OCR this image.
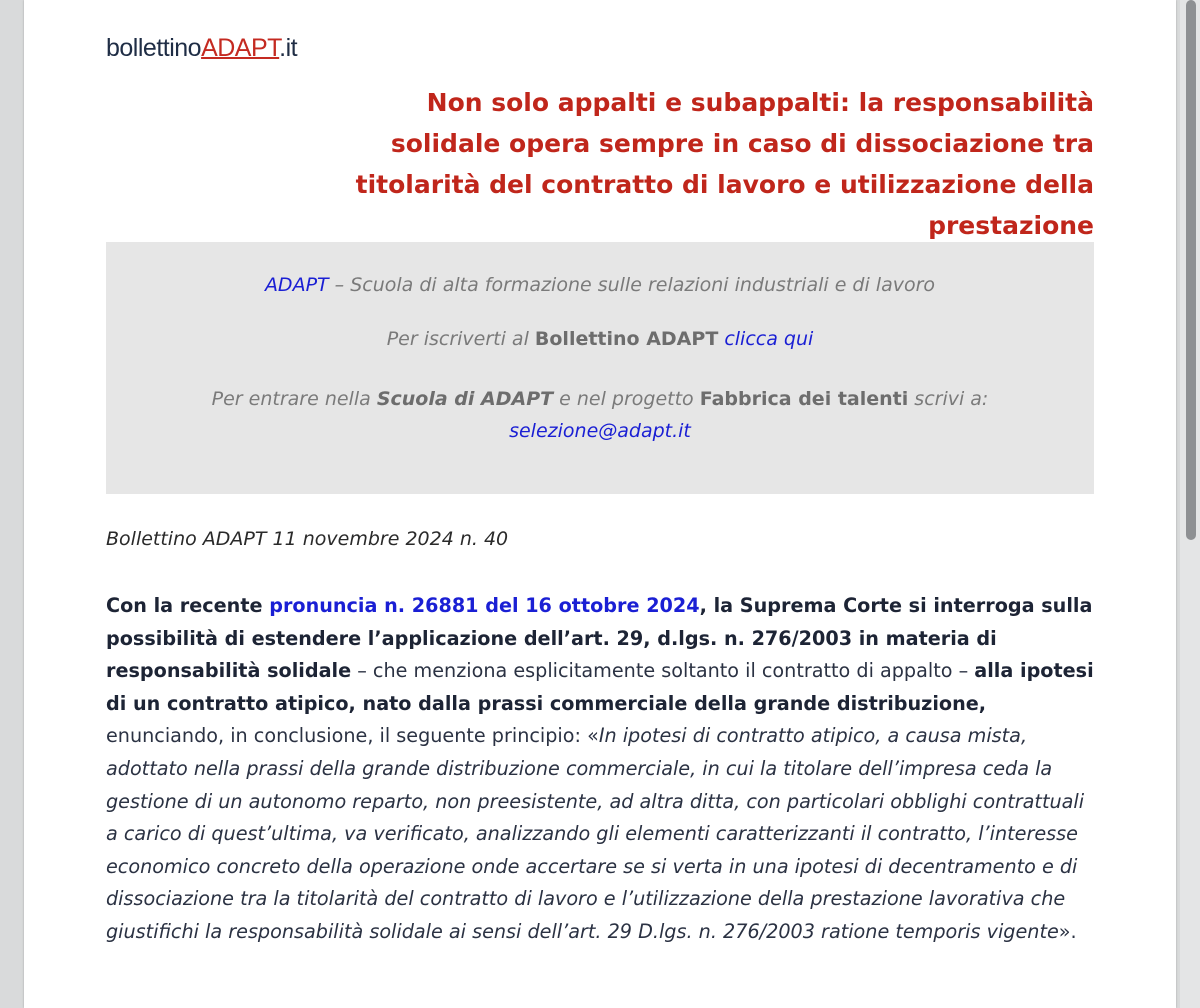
bollettinoADAPT.it
Non solo appalti e subappalti: la responsabilità solidale opera sempre in caso di dissociazione tra titolarità del contratto di lavoro e utilizzazione della prestazione

ADAPT – Scuola di alta formazione sulle relazioni industriali e di lavoro

Per iscriverti al Bollettino ADAPT clicca qui

Per entrare nella Scuola di ADAPT e nel progetto Fabbrica dei talenti scrivi a:
selezione@adapt.it

Bollettino ADAPT 11 novembre 2024 n. 40
Con la recente pronuncia n. 26881 del 16 ottobre 2024, la Suprema Corte si interroga sulla possibilità di estendere l’applicazione dell’art. 29, d.lgs. n. 276/2003 in materia di responsabilità solidale – che menziona esplicitamente soltanto il contratto di appalto – alla ipotesi di un contratto atipico, nato dalla prassi commerciale della grande distribuzione, enunciando, in conclusione, il seguente principio: «In ipotesi di contratto atipico, a causa mista, adottato nella prassi della grande distribuzione commerciale, in cui la titolare dell’impresa ceda la gestione di un autonomo reparto, non preesistente, ad altra ditta, con particolari obblighi contrattuali a carico di quest’ultima, va verificato, analizzando gli elementi caratterizzanti il contratto, l’interesse economico concreto della operazione onde accertare se si verta in una ipotesi di decentramento e di dissociazione tra la titolarità del contratto di lavoro e l’utilizzazione della prestazione lavorativa che giustifichi la responsabilità solidale ai sensi dell’art. 29 D.lgs. n. 276/2003 ratione temporis vigente».
